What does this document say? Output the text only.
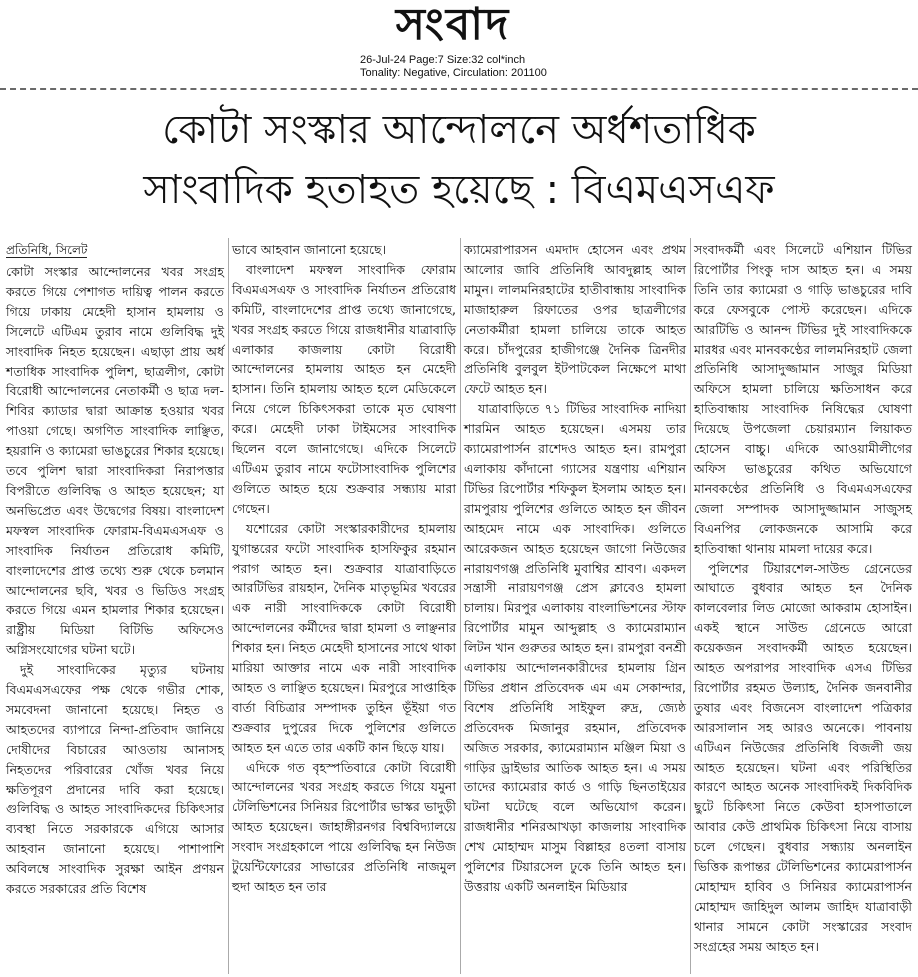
সংবাদ
26-Jul-24 Page:7 Size:32 col*inch
Tonality: Negative, Circulation: 201100
কোটা সংস্কার আন্দোলনে অর্ধশতাধিক
সাংবাদিক হতাহত হয়েছে : বিএমএসএফ
প্রতিনিধি, সিলেট

কোটা সংস্কার আন্দোলনের খবর সংগ্রহ করতে গিয়ে পেশাগত দায়িত্ব পালন করতে গিয়ে ঢাকায় মেহেদী হাসান হামলায় ও সিলেটে এটিএম তুরাব নামে গুলিবিদ্ধ দুই সাংবাদিক নিহত হয়েছেন। এছাড়া প্রায় অর্ধ শতাধিক সাংবাদিক পুলিশ, ছাত্রলীগ, কোটা বিরোধী আন্দোলনের নেতাকর্মী ও ছাত্র দল-শিবির ক্যাডার দ্বারা আক্রান্ত হওয়ার খবর পাওয়া গেছে। অগণিত সাংবাদিক লাঞ্ছিত, হয়রানি ও ক্যামেরা ভাঙচুরের শিকার হয়েছে। তবে পুলিশ দ্বারা সাংবাদিকরা নিরাপত্তার বিপরীতে গুলিবিদ্ধ ও আহত হয়েছেন; যা অনভিপ্রেত এবং উদ্বেগের বিষয়। বাংলাদেশ মফস্বল সাংবাদিক ফোরাম-বিএমএসএফ ও সাংবাদিক নির্যাতন প্রতিরোধ কমিটি, বাংলাদেশের প্রাপ্ত তথ্যে শুরু থেকে চলমান আন্দোলনের ছবি, খবর ও ভিডিও সংগ্রহ করতে গিয়ে এমন হামলার শিকার হয়েছেন। রাষ্ট্রীয় মিডিয়া বিটিভি অফিসেও অগ্নিসংযোগের ঘটনা ঘটে।

দুই সাংবাদিকের মৃত্যুর ঘটনায় বিএমএসএফের পক্ষ থেকে গভীর শোক, সমবেদনা জানানো হয়েছে। নিহত ও আহতদের ব্যাপারে নিন্দা-প্রতিবাদ জানিয়ে দোষীদের বিচারের আওতায় আনাসহ নিহতদের পরিবারের খোঁজ খবর নিয়ে ক্ষতিপূরণ প্রদানের দাবি করা হয়েছে। গুলিবিদ্ধ ও আহত সাংবাদিকদের চিকিৎসার ব্যবস্থা নিতে সরকারকে এগিয়ে আসার আহবান জানানো হয়েছে। পাশাপাশি অবিলম্বে সাংবাদিক সুরক্ষা আইন প্রণয়ন করতে সরকারের প্রতি বিশেষ

ভাবে আহবান জানানো হয়েছে।

বাংলাদেশ মফস্বল সাংবাদিক ফোরাম বিএমএসএফ ও সাংবাদিক নির্যাতন প্রতিরোধ কমিটি, বাংলাদেশের প্রাপ্ত তথ্যে জানাগেছে, খবর সংগ্রহ করতে গিয়ে রাজধানীর যাত্রাবাড়ি এলাকার কাজলায় কোটা বিরোধী আন্দোলনের হামলায় আহত হন মেহেদী হাসান। তিনি হামলায় আহত হলে মেডিকেলে নিয়ে গেলে চিকিৎসকরা তাকে মৃত ঘোষণা করে। মেহেদী ঢাকা টাইমসের সাংবাদিক ছিলেন বলে জানাগেছে। এদিকে সিলেটে এটিএম তুরাব নামে ফটোসাংবাদিক পুলিশের গুলিতে আহত হয়ে শুক্রবার সন্ধ্যায় মারা গেছেন।

যশোরের কোটা সংস্কারকারীদের হামলায় যুগান্তরের ফটো সাংবাদিক হাসফিকুর রহমান পরাগ আহত হন। শুক্রবার যাত্রাবাড়িতে আরটিভির রায়হান, দৈনিক মাতৃভূমির খবরের এক নারী সাংবাদিককে কোটা বিরোধী আন্দোলনের কর্মীদের দ্বারা হামলা ও লাঞ্ছনার শিকার হন। নিহত মেহেদী হাসানের সাথে থাকা মারিয়া আক্তার নামে এক নারী সাংবাদিক আহত ও লাঞ্ছিত হয়েছেন। মিরপুরে সাপ্তাহিক বার্তা বিচিত্রার সম্পাদক তুহিন ভূঁইয়া গত শুক্রবার দুপুরের দিকে পুলিশের গুলিতে আহত হন এতে তার একটি কান ছিড়ে যায়।

এদিকে গত বৃহস্পতিবারে কোটা বিরোধী আন্দোলনের খবর সংগ্রহ করতে গিয়ে যমুনা টেলিভিশনের সিনিয়র রিপোর্টার ভাস্কর ভাদুড়ী আহত হয়েছেন। জাহাঙ্গীরনগর বিশ্ববিদ্যালয়ে সংবাদ সংগ্রহকালে পায়ে গুলিবিদ্ধ হন নিউজ টুয়েন্টিফোরের সাভারের প্রতিনিধি নাজমুল হুদা আহত হন তার

ক্যামেরাপারসন এমদাদ হোসেন এবং প্রথম আলোর জাবি প্রতিনিধি আবদুল্লাহ আল মামুন। লালমনিরহাটের হাতীবান্ধায় সাংবাদিক মাজাহারুল রিফাতের ওপর ছাত্রলীগের নেতাকর্মীরা হামলা চালিয়ে তাকে আহত করে। চাঁদপুরের হাজীগঞ্জে দৈনিক ত্রিনদীর প্রতিনিধি বুলবুল ইটপাটকেল নিক্ষেপে মাথা ফেটে আহত হন।

যাত্রাবাড়িতে ৭১ টিভির সাংবাদিক নাদিয়া শারমিন আহত হয়েছেন। এসময় তার ক্যামেরাপার্সন রাশেদও আহত হন। রামপুরা এলাকায় কাঁদানো গ্যাসের যন্ত্রণায় এশিয়ান টিভির রিপোর্টার শফিকুল ইসলাম আহত হন। রামপুরায় পুলিশের গুলিতে আহত হন জীবন আহমেদ নামে এক সাংবাদিক। গুলিতে আরেকজন আহত হয়েছেন জাগো নিউজের নারায়ণগঞ্জ প্রতিনিধি মুবাশ্বির শ্রাবণ। একদল সন্ত্রাসী নারায়ণগঞ্জ প্রেস ক্লাবেও হামলা চালায়। মিরপুর এলাকায় বাংলাভিশনের স্টাফ রিপোর্টার মামুন আব্দুল্লাহ ও ক্যামেরাম্যান লিটন খান গুরুতর আহত হন। রামপুরা বনশ্রী এলাকায় আন্দোলনকারীদের হামলায় গ্রিন টিভির প্রধান প্রতিবেদক এম এম সেকান্দার, বিশেষ প্রতিনিধি সাইফুল রুদ্র, জ্যেষ্ঠ প্রতিবেদক মিজানুর রহমান, প্রতিবেদক অজিত সরকার, ক্যামেরাম্যান মঞ্জিল মিয়া ও গাড়ির ড্রাইভার আতিক আহত হন। এ সময় তাদের ক্যামেরার কার্ড ও গাড়ি ছিনতাইয়ের ঘটনা ঘটেছে বলে অভিযোগ করেন। রাজধানীর শনিরআখড়া কাজলায় সাংবাদিক শেখ মোহাম্মদ মাসুম বিল্লাহর ৪তলা বাসায় পুলিশের টিয়ারসেল ঢুকে তিনি আহত হন। উত্তরায় একটি অনলাইন মিডিয়ার

সংবাদকর্মী এবং সিলেটে এশিয়ান টিভির রিপোর্টার পিংকু দাস আহত হন। এ সময় তিনি তার ক্যামেরা ও গাড়ি ভাঙচুরের দাবি করে ফেসবুকে পোস্ট করেছেন। এদিকে আরটিভি ও আনন্দ টিভির দুই সাংবাদিককে মারধর এবং মানবকণ্ঠের লালমনিরহাট জেলা প্রতিনিধি আসাদুজ্জামান সাজুর মিডিয়া অফিসে হামলা চালিয়ে ক্ষতিসাধন করে হাতিবান্ধায় সাংবাদিক নিষিদ্ধের ঘোষণা দিয়েছে উপজেলা চেয়ারম্যান লিয়াকত হোসেন বাচ্চু। এদিকে আওয়ামীলীগের অফিস ভাঙচুরের কথিত অভিযোগে মানবকণ্ঠের প্রতিনিধি ও বিএমএসএফের জেলা সম্পাদক আসাদুজ্জামান সাজুসহ বিএনপির লোকজনকে আসামি করে হাতিবান্ধা থানায় মামলা দায়ের করে।

পুলিশের টিয়ারশেল-সাউন্ড গ্রেনেডের আঘাতে বুধবার আহত হন দৈনিক কালবেলার লিড মোজো আকরাম হোসাইন। একই স্থানে সাউন্ড গ্রেনেডে আরো কয়েকজন সংবাদকর্মী আহত হয়েছেন। আহত অপরাপর সাংবাদিক এসএ টিভির রিপোর্টার রহমত উল্যাহ, দৈনিক জনবানীর তুষার এবং বিজনেস বাংলাদেশ পত্রিকার আরসালান সহ আরও অনেকে। পাবনায় এটিএন নিউজের প্রতিনিধি বিজলী জয় আহত হয়েছেন। ঘটনা এবং পরিস্থিতির কারণে আহত অনেক সাংবাদিকই দিকবিদিক ছুটে চিকিৎসা নিতে কেউবা হাসপাতালে আবার কেউ প্রাথমিক চিকিৎসা নিয়ে বাসায় চলে গেছেন। বুধবার সন্ধ্যায় অনলাইন ভিত্তিক রূপান্তর টেলিভিশনের ক্যামেরাপার্সন মোহাম্মদ হাবিব ও সিনিয়র ক্যামেরাপার্সন মোহাম্মদ জাহিদুল আলম জাহিদ যাত্রাবাড়ী থানার সামনে কোটা সংস্কারের সংবাদ সংগ্রহের সময় আহত হন।
